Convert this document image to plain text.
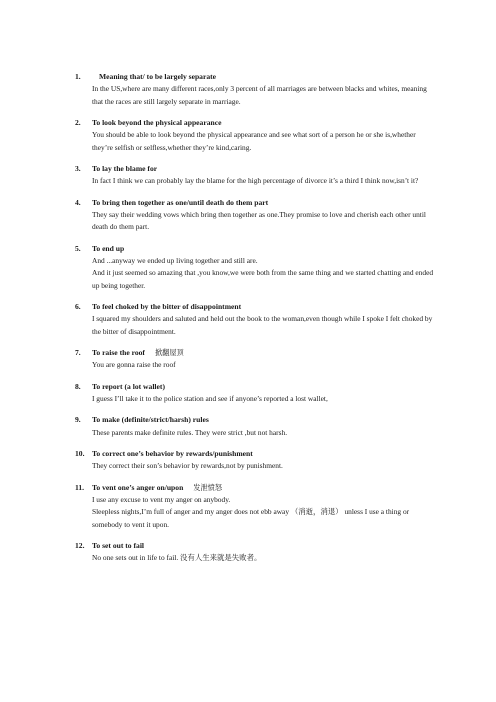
1.	Meaning that/ to be largely separate

In the US,where are many different races,only 3 percent of all marriages are between blacks and whites, meaning that the races are still largely separate in marriage.

2. To look beyond the physical appearance

You should be able to look beyond the physical appearance and see what sort of a person he or she is,whether they’re selfish or selfless,whether they’re kind,caring.

3. To lay the blame for

In fact I think we can probably lay the blame for the high percentage of divorce it’s a third I think now,isn’t it?

4. To bring then together as one/until death do them part

They say their wedding vows which bring then together as one.They promise to love and cherish each other until death do them part.

5. To end up

And ...anyway we ended up living together and still are.

And it just seemed so amazing that ,you know,we were both from the same thing and we started chatting and ended up being together.

6. To feel choked by the bitter of disappointment

I squared my shoulders and saluted and held out the book to the woman,even though while I spoke I felt choked by the bitter of disappointment.

7. To raise the roof 掀翻屋顶

You are gonna raise the roof

8. To report (a lot wallet)

I guess I’ll take it to the police station and see if anyone’s reported a lost wallet,

9. To make (definite/strict/harsh) rules

These parents make definite rules. They were strict ,but not harsh.

10. To correct one’s behavior by rewards/punishment

They correct their son’s behavior by rewards,not by punishment.

11. To vent one’s anger on/upon 发泄愤怒

I use any excuse to vent my anger on anybody.

Sleepless nights,I’m full of anger and my anger does not ebb away （消逝，消退） unless I use a thing or somebody to vent it upon.

12. To set out to fail

No one sets out in life to fail. 没有人生来就是失败者。
